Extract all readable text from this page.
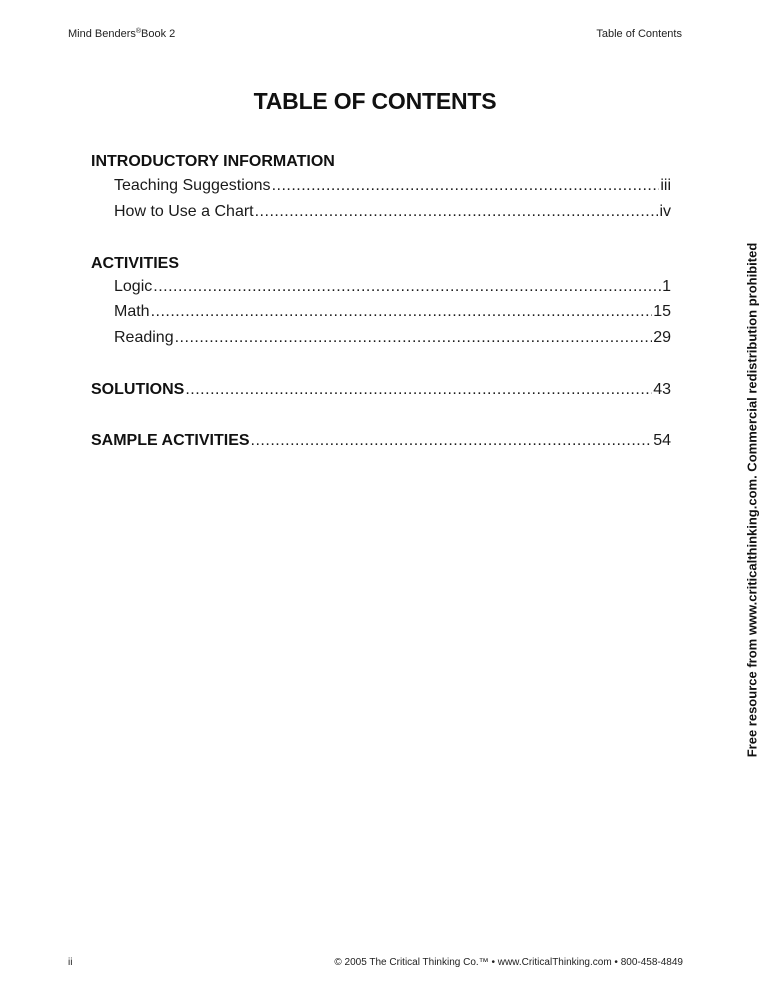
Mind Benders®Book 2	Table of Contents
TABLE OF CONTENTS
INTRODUCTORY INFORMATION
Teaching Suggestions .....	iii
How to Use a Chart .....	iv
ACTIVITIES
Logic .....	1
Math .....	15
Reading .....	29
SOLUTIONS .....	43
SAMPLE ACTIVITIES .....	54	Free resource from www.criticalthinking.com. Commercial redistribution prohibited
ii	© 2005 The Critical Thinking Co.™ • www.CriticalThinking.com • 800-458-4849
